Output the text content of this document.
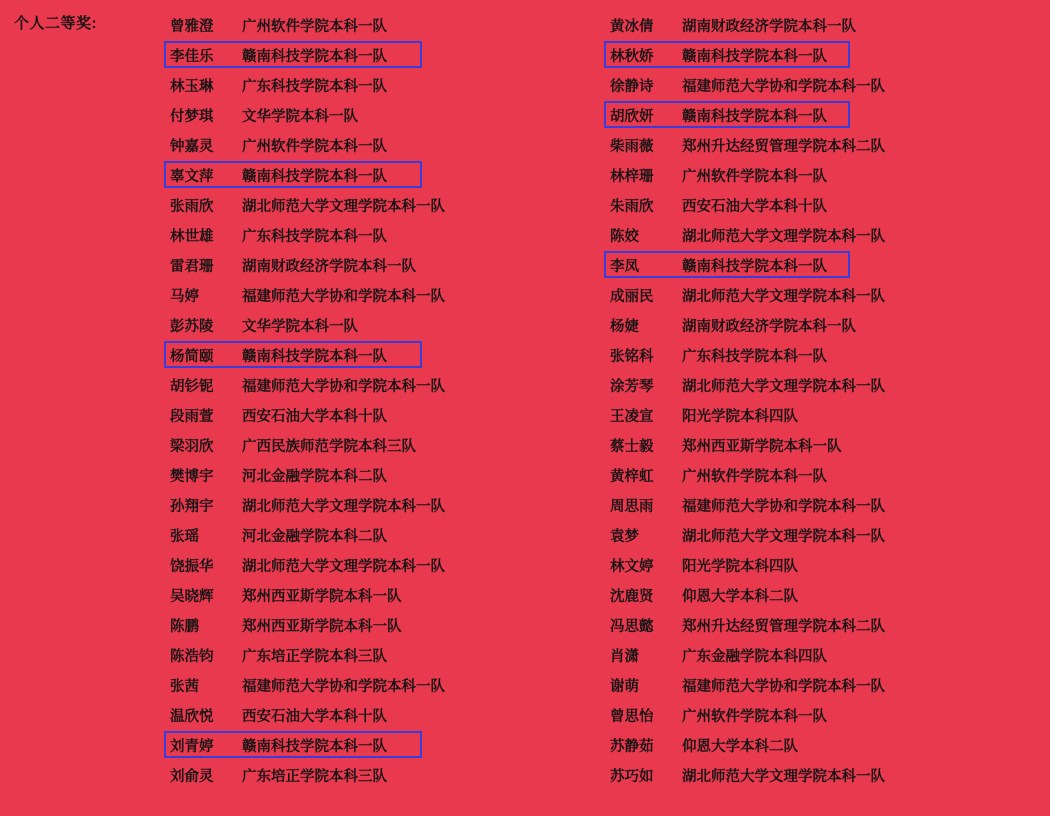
个人二等奖:	曾雅澄	广州软件学院本科一队
李佳乐	赣南科技学院本科一队
林玉琳	广东科技学院本科一队
付梦琪	文华学院本科一队
钟嘉灵	广州软件学院本科一队
辜文萍	赣南科技学院本科一队
张雨欣	湖北师范大学文理学院本科一队
林世雄	广东科技学院本科一队
雷君珊	湖南财政经济学院本科一队
马婷	福建师范大学协和学院本科一队
彭苏陵	文华学院本科一队
杨简颐	赣南科技学院本科一队
胡钐铌	福建师范大学协和学院本科一队
段雨萱	西安石油大学本科十队
梁羽欣	广西民族师范学院本科三队
樊博宇	河北金融学院本科二队
孙翔宇	湖北师范大学文理学院本科一队
张瑶	河北金融学院本科二队
饶振华	湖北师范大学文理学院本科一队
吴晓辉	郑州西亚斯学院本科一队
陈鹏	郑州西亚斯学院本科一队
陈浩钧	广东培正学院本科三队
张茜	福建师范大学协和学院本科一队
温欣悦	西安石油大学本科十队
刘青婷	赣南科技学院本科一队
刘俞灵	广东培正学院本科三队
黄冰倩	湖南财政经济学院本科一队
林秋娇	赣南科技学院本科一队
徐静诗	福建师范大学协和学院本科一队
胡欣妍	赣南科技学院本科一队
柴雨薇	郑州升达经贸管理学院本科二队
林梓珊	广州软件学院本科一队
朱雨欣	西安石油大学本科十队
陈姣	湖北师范大学文理学院本科一队
李凤	赣南科技学院本科一队
成丽民	湖北师范大学文理学院本科一队
杨婕	湖南财政经济学院本科一队
张铭科	广东科技学院本科一队
涂芳琴	湖北师范大学文理学院本科一队
王凌宣	阳光学院本科四队
蔡士毅	郑州西亚斯学院本科一队
黄梓虹	广州软件学院本科一队
周思雨	福建师范大学协和学院本科一队
袁梦	湖北师范大学文理学院本科一队
林文婷	阳光学院本科四队
沈鹿贤	仰恩大学本科二队
冯思懿	郑州升达经贸管理学院本科二队
肖潇	广东金融学院本科四队
谢萌	福建师范大学协和学院本科一队
曾思怡	广州软件学院本科一队
苏静茹	仰恩大学本科二队
苏巧如	湖北师范大学文理学院本科一队
